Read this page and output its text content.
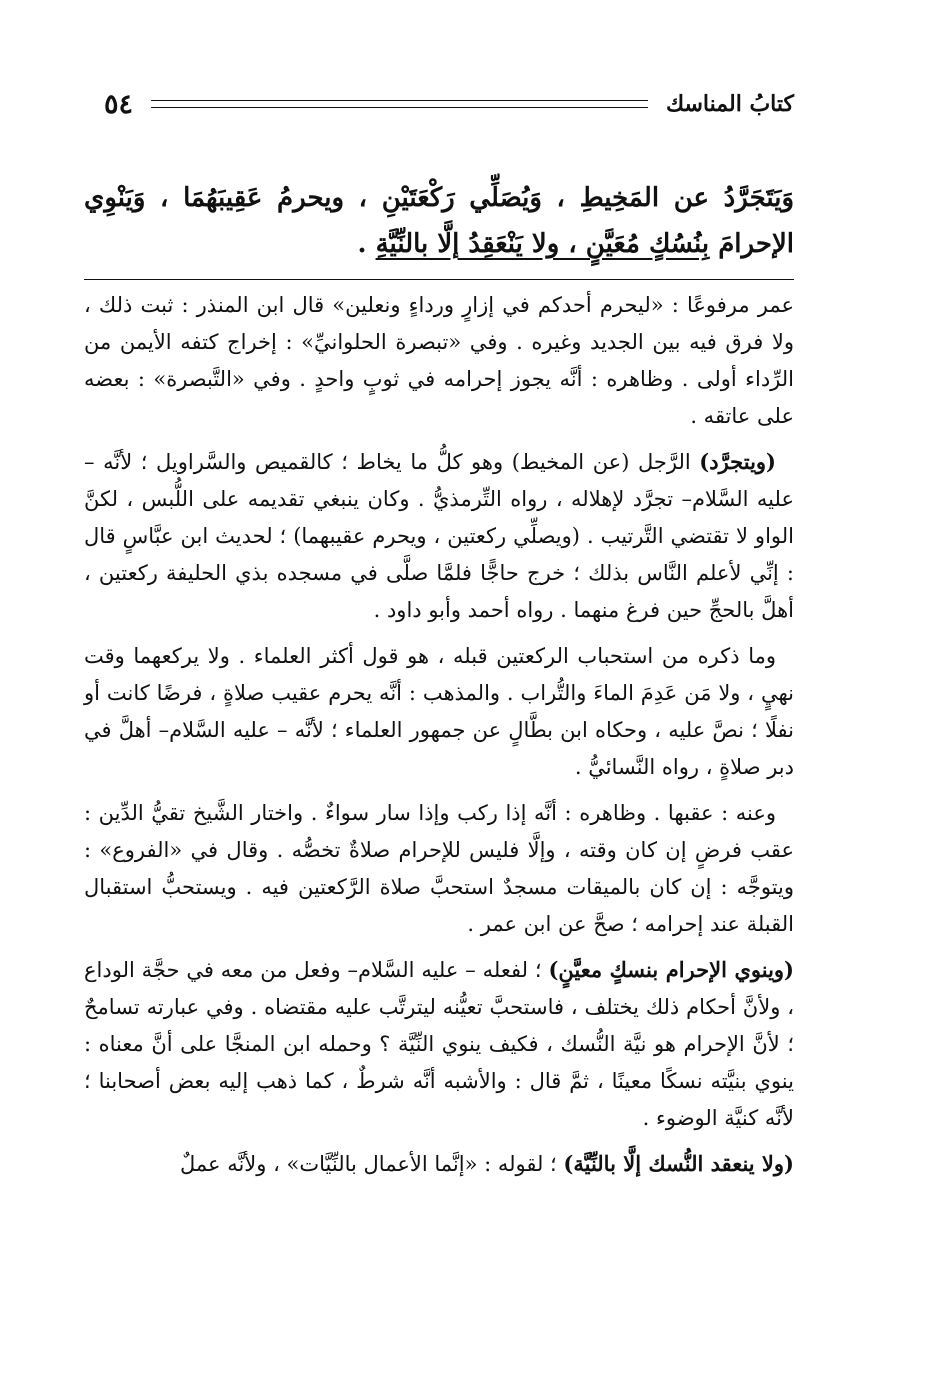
٥٤	كتابُ المناسك
وَيَتَجَرَّدُ عن المَخِيطِ ، وَيُصَلِّي رَكْعَتَيْنِ ، ويحرمُ عَقِيبَهُمَا ، وَيَنْوِي الإحرامَ بِنُسُكٍ مُعَيَّنٍ ، ولا يَنْعَقِدُ إلَّا بالنِّيَّةِ .

عمر مرفوعًا : «ليحرم أحدكم في إزارٍ ورداءٍ ونعلين» قال ابن المنذر : ثبت ذلك ، ولا فرق فيه بين الجديد وغيره . وفي «تبصرة الحلوانيِّ» : إخراج كتفه الأيمن من الرِّداء أولى . وظاهره : أنَّه يجوز إحرامه في ثوبٍ واحدٍ . وفي «التَّبصرة» : بعضه على عاتقه .

(ويتجرَّد) الرَّجل (عن المخيط) وهو كلُّ ما يخاط ؛ كالقميص والسَّراويل ؛ لأنَّه – عليه السَّلام– تجرَّد لإهلاله ، رواه التِّرمذيُّ . وكان ينبغي تقديمه على اللُّبس ، لكنَّ الواو لا تقتضي التَّرتيب . (ويصلِّي ركعتين ، ويحرم عقيبهما) ؛ لحديث ابن عبَّاسٍ قال : إنِّي لأعلم النَّاس بذلك ؛ خرج حاجًّا فلمَّا صلَّى في مسجده بذي الحليفة ركعتين ، أهلَّ بالحجِّ حين فرغ منهما . رواه أحمد وأبو داود .

وما ذكره من استحباب الركعتين قبله ، هو قول أكثر العلماء . ولا يركعهما وقت نهيٍ ، ولا مَن عَدِمَ الماءَ والتُّراب . والمذهب : أنَّه يحرم عقيب صلاةٍ ، فرضًا كانت أو نفلًا ؛ نصَّ عليه ، وحكاه ابن بطَّالٍ عن جمهور العلماء ؛ لأنَّه – عليه السَّلام– أهلَّ في دبر صلاةٍ ، رواه النَّسائيُّ .

وعنه : عقبها . وظاهره : أنَّه إذا ركب وإذا سار سواءٌ . واختار الشَّيخ تقيُّ الدِّين : عقب فرضٍ إن كان وقته ، وإلَّا فليس للإحرام صلاةٌ تخصُّه . وقال في «الفروع» : ويتوجَّه : إن كان بالميقات مسجدٌ استحبَّ صلاة الرَّكعتين فيه . ويستحبُّ استقبال القبلة عند إحرامه ؛ صحَّ عن ابن عمر .

(وينوي الإحرام بنسكٍ معيَّنٍ) ؛ لفعله – عليه السَّلام– وفعل من معه في حجَّة الوداع ، ولأنَّ أحكام ذلك يختلف ، فاستحبَّ تعيُّنه ليترتَّب عليه مقتضاه . وفي عبارته تسامحٌ ؛ لأنَّ الإحرام هو نيَّة النُّسك ، فكيف ينوي النِّيَّة ؟ وحمله ابن المنجَّا على أنَّ معناه : ينوي بنيَّته نسكًا معينًا ، ثمَّ قال : والأشبه أنَّه شرطٌ ، كما ذهب إليه بعض أصحابنا ؛ لأنَّه كنيَّة الوضوء .

(ولا ينعقد النُّسك إلَّا بالنِّيَّة) ؛ لقوله : «إنَّما الأعمال بالنِّيَّات» ، ولأنَّه عملٌ
